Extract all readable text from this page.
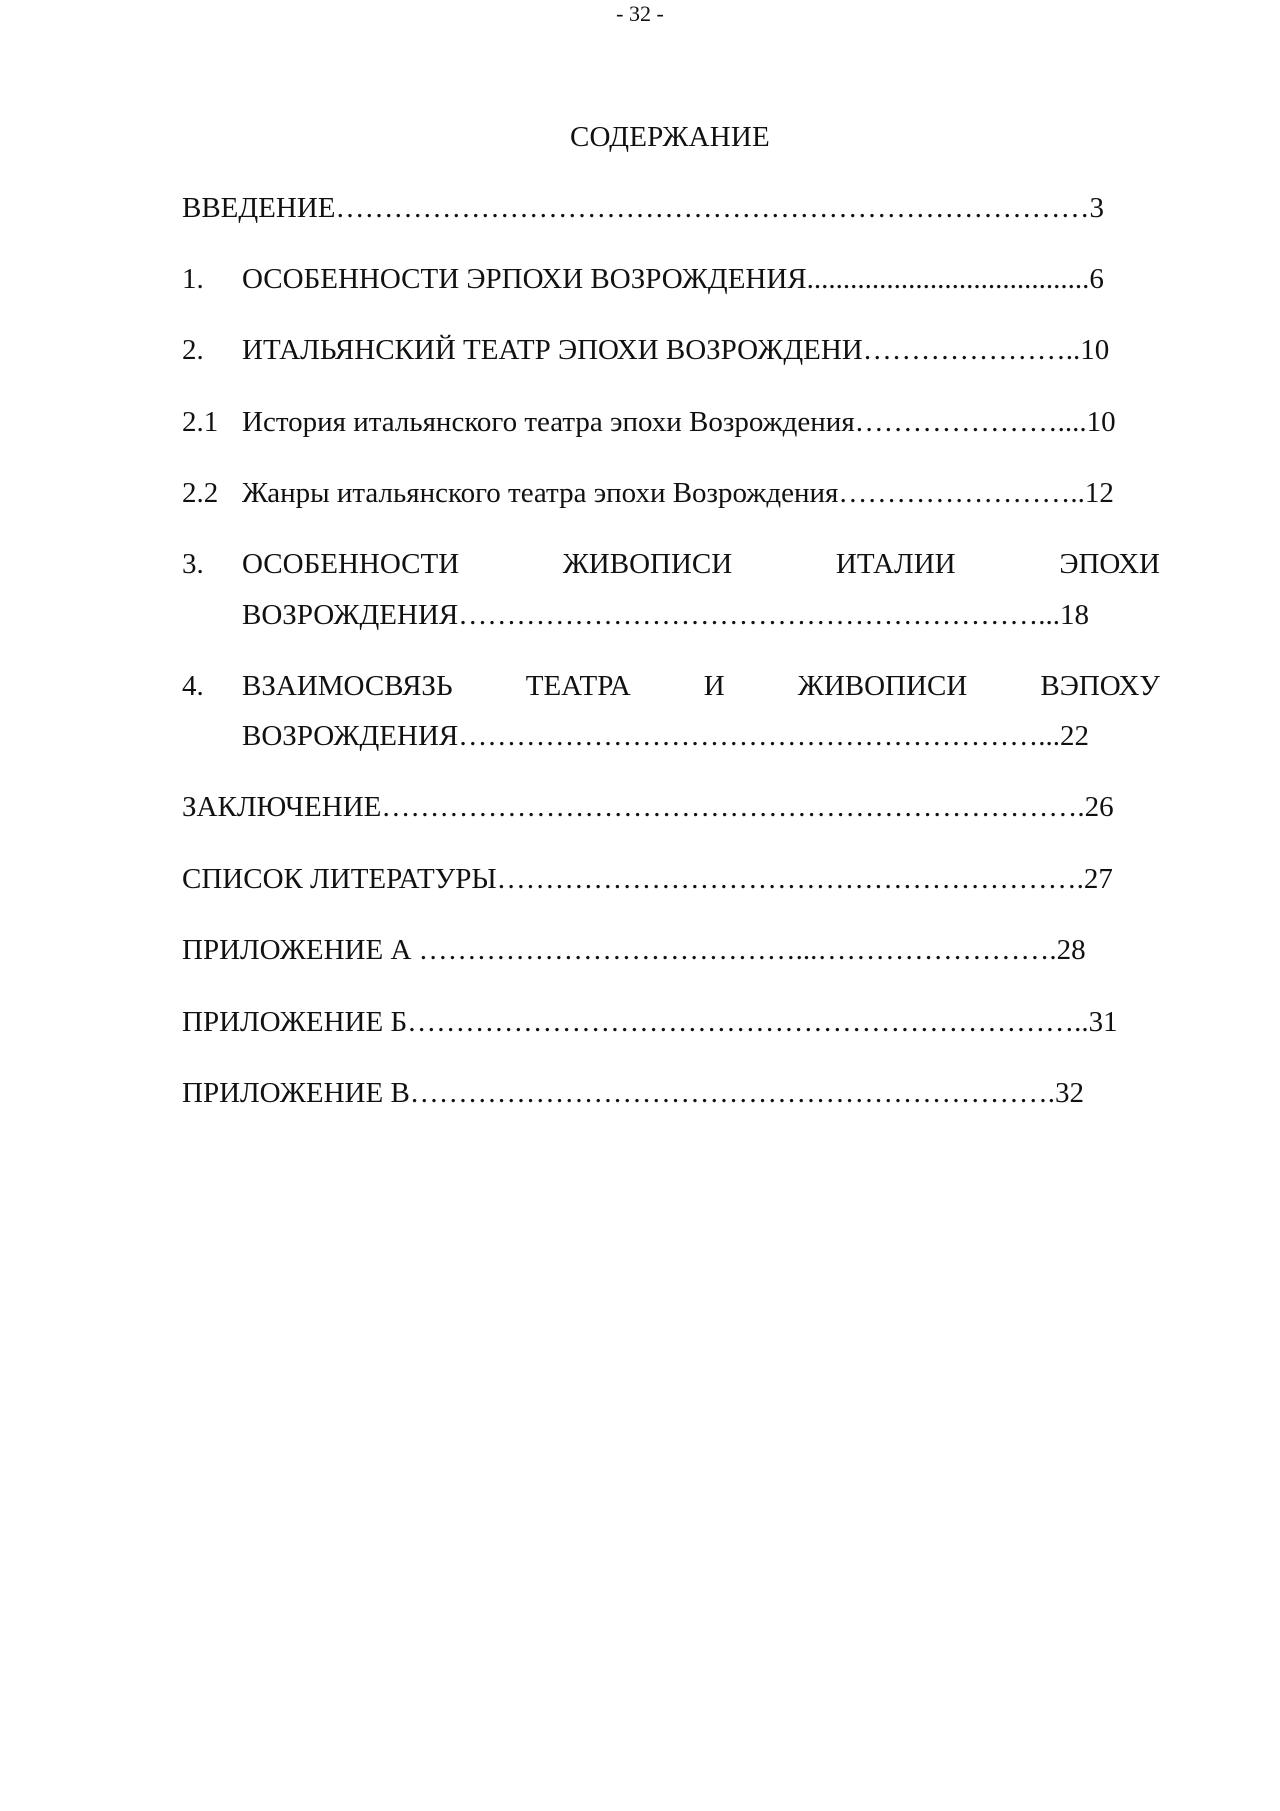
- 32 -
СОДЕРЖАНИЕ
ВВЕДЕНИЕ……………………………………………………………………3
1. ОСОБЕННОСТИ ЭРПОХИ ВОЗРОЖДЕНИЯ.......................................6
2. ИТАЛЬЯНСКИЙ ТЕАТР ЭПОХИ ВОЗРОЖДЕНИ…………………..10
2.1 История итальянского театра эпохи Возрождения…………………....10
2.2 Жанры итальянского театра эпохи Возрождения……………………..12
3. ОСОБЕННОСТИ	ЖИВОПИСИ	ИТАЛИИ	ЭПОХИ
ВОЗРОЖДЕНИЯ……………………………………………………...18
4. ВЗАИМОСВЯЗЬ	ТЕАТРА	И	ЖИВОПИСИ	ВЭПОХУ
ВОЗРОЖДЕНИЯ……………………………………………………...22
ЗАКЛЮЧЕНИЕ……………………………………………………………….26
СПИСОК ЛИТЕРАТУРЫ…………………………………………………….27
ПРИЛОЖЕНИЕ А …………………………………...…………………….28
ПРИЛОЖЕНИЕ Б……………………………………………………………..31
ПРИЛОЖЕНИЕ В………………………………………………………….32
